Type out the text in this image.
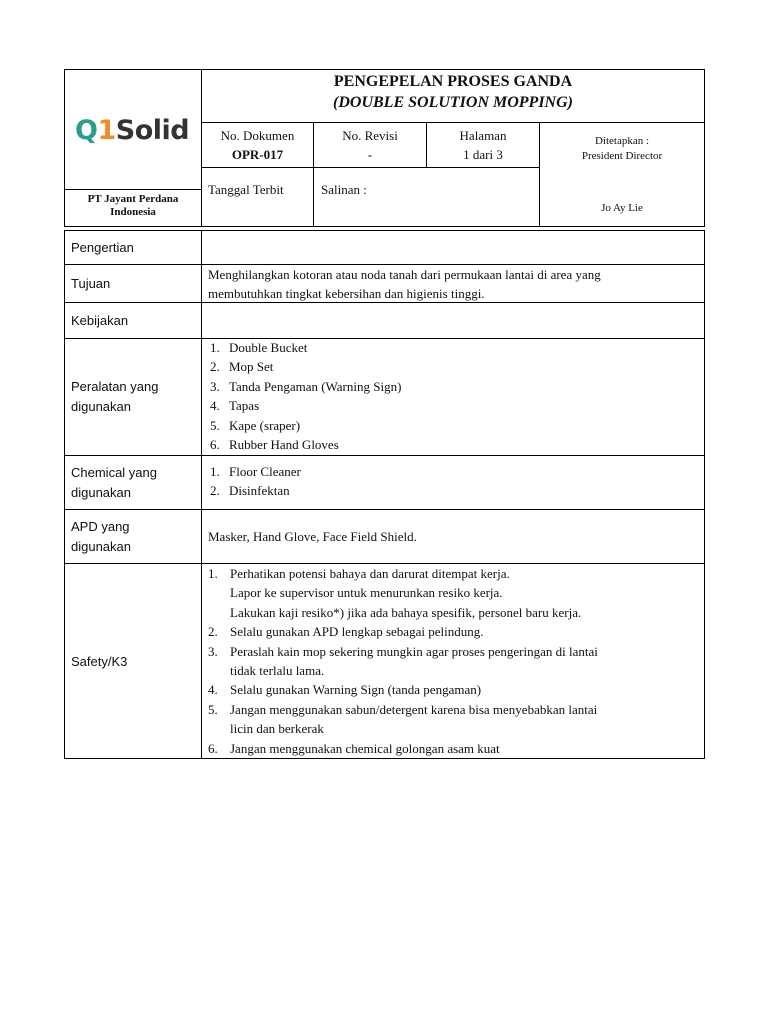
Q1Solid
PT Jayant Perdana Indonesia
PENGEPELAN PROSES GANDA
(DOUBLE SOLUTION MOPPING)
No. Dokumen
OPR-017
No. Revisi
-
Halaman
1 dari 3
Ditetapkan :
President Director
Jo Ay Lie
Tanggal Terbit	Salinan :
Pengertian
Tujuan
Menghilangkan kotoran atau noda tanah dari permukaan lantai di area yang
membutuhkan tingkat kebersihan dan higienis tinggi.
Kebijakan
Peralatan yang
digunakan
1. Double Bucket
2. Mop Set
3. Tanda Pengaman (Warning Sign)
4. Tapas
5. Kape (sraper)
6. Rubber Hand Gloves
Chemical yang
digunakan
1. Floor Cleaner
2. Disinfektan
APD yang
digunakan
Masker, Hand Glove, Face Field Shield.
Safety/K3
1. Perhatikan potensi bahaya dan darurat ditempat kerja.
Lapor ke supervisor untuk menurunkan resiko kerja.
Lakukan kaji resiko*) jika ada bahaya spesifik, personel baru kerja.
2. Selalu gunakan APD lengkap sebagai pelindung.
3. Peraslah kain mop sekering mungkin agar proses pengeringan di lantai
tidak terlalu lama.
4. Selalu gunakan Warning Sign (tanda pengaman)
5. Jangan menggunakan sabun/detergent karena bisa menyebabkan lantai
licin dan berkerak
6. Jangan menggunakan chemical golongan asam kuat
